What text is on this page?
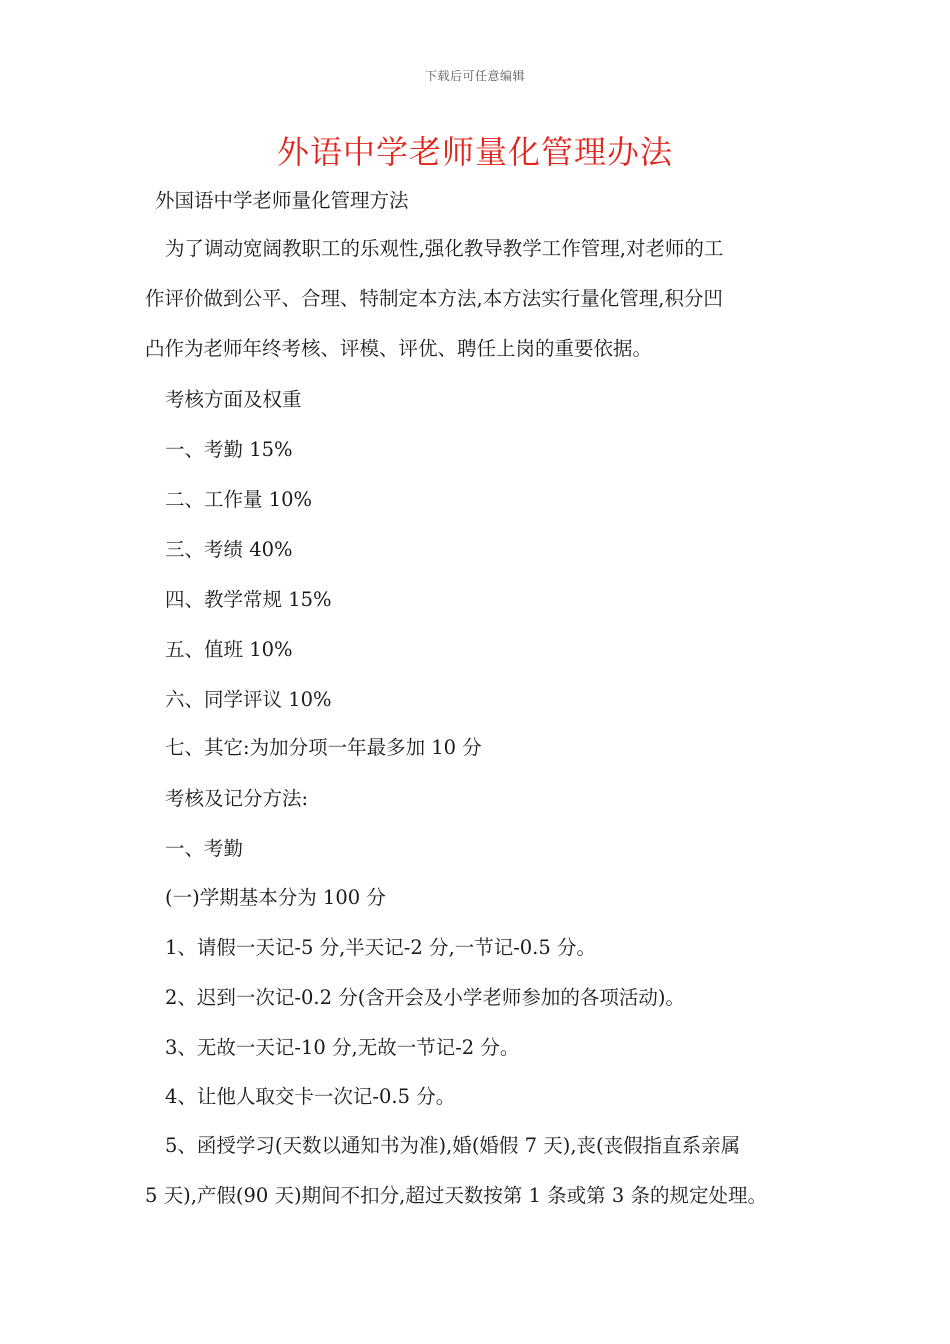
下载后可任意编辑
外语中学老师量化管理办法
外国语中学老师量化管理方法
为了调动宽阔教职工的乐观性,强化教导教学工作管理,对老师的工
作评价做到公平、合理、特制定本方法,本方法实行量化管理,积分凹
凸作为老师年终考核、评模、评优、聘任上岗的重要依据。
考核方面及权重
一、考勤 15%
二、工作量 10%
三、考绩 40%
四、教学常规 15%
五、值班 10%
六、同学评议 10%
七、其它:为加分项一年最多加 10 分
考核及记分方法:
一、考勤
(一)学期基本分为 100 分
1、请假一天记-5 分,半天记-2 分,一节记-0.5 分。
2、迟到一次记-0.2 分(含开会及小学老师参加的各项活动)。
3、无故一天记-10 分,无故一节记-2 分。
4、让他人取交卡一次记-0.5 分。
5、函授学习(天数以通知书为准),婚(婚假 7 天),丧(丧假指直系亲属
5 天),产假(90 天)期间不扣分,超过天数按第 1 条或第 3 条的规定处理。
